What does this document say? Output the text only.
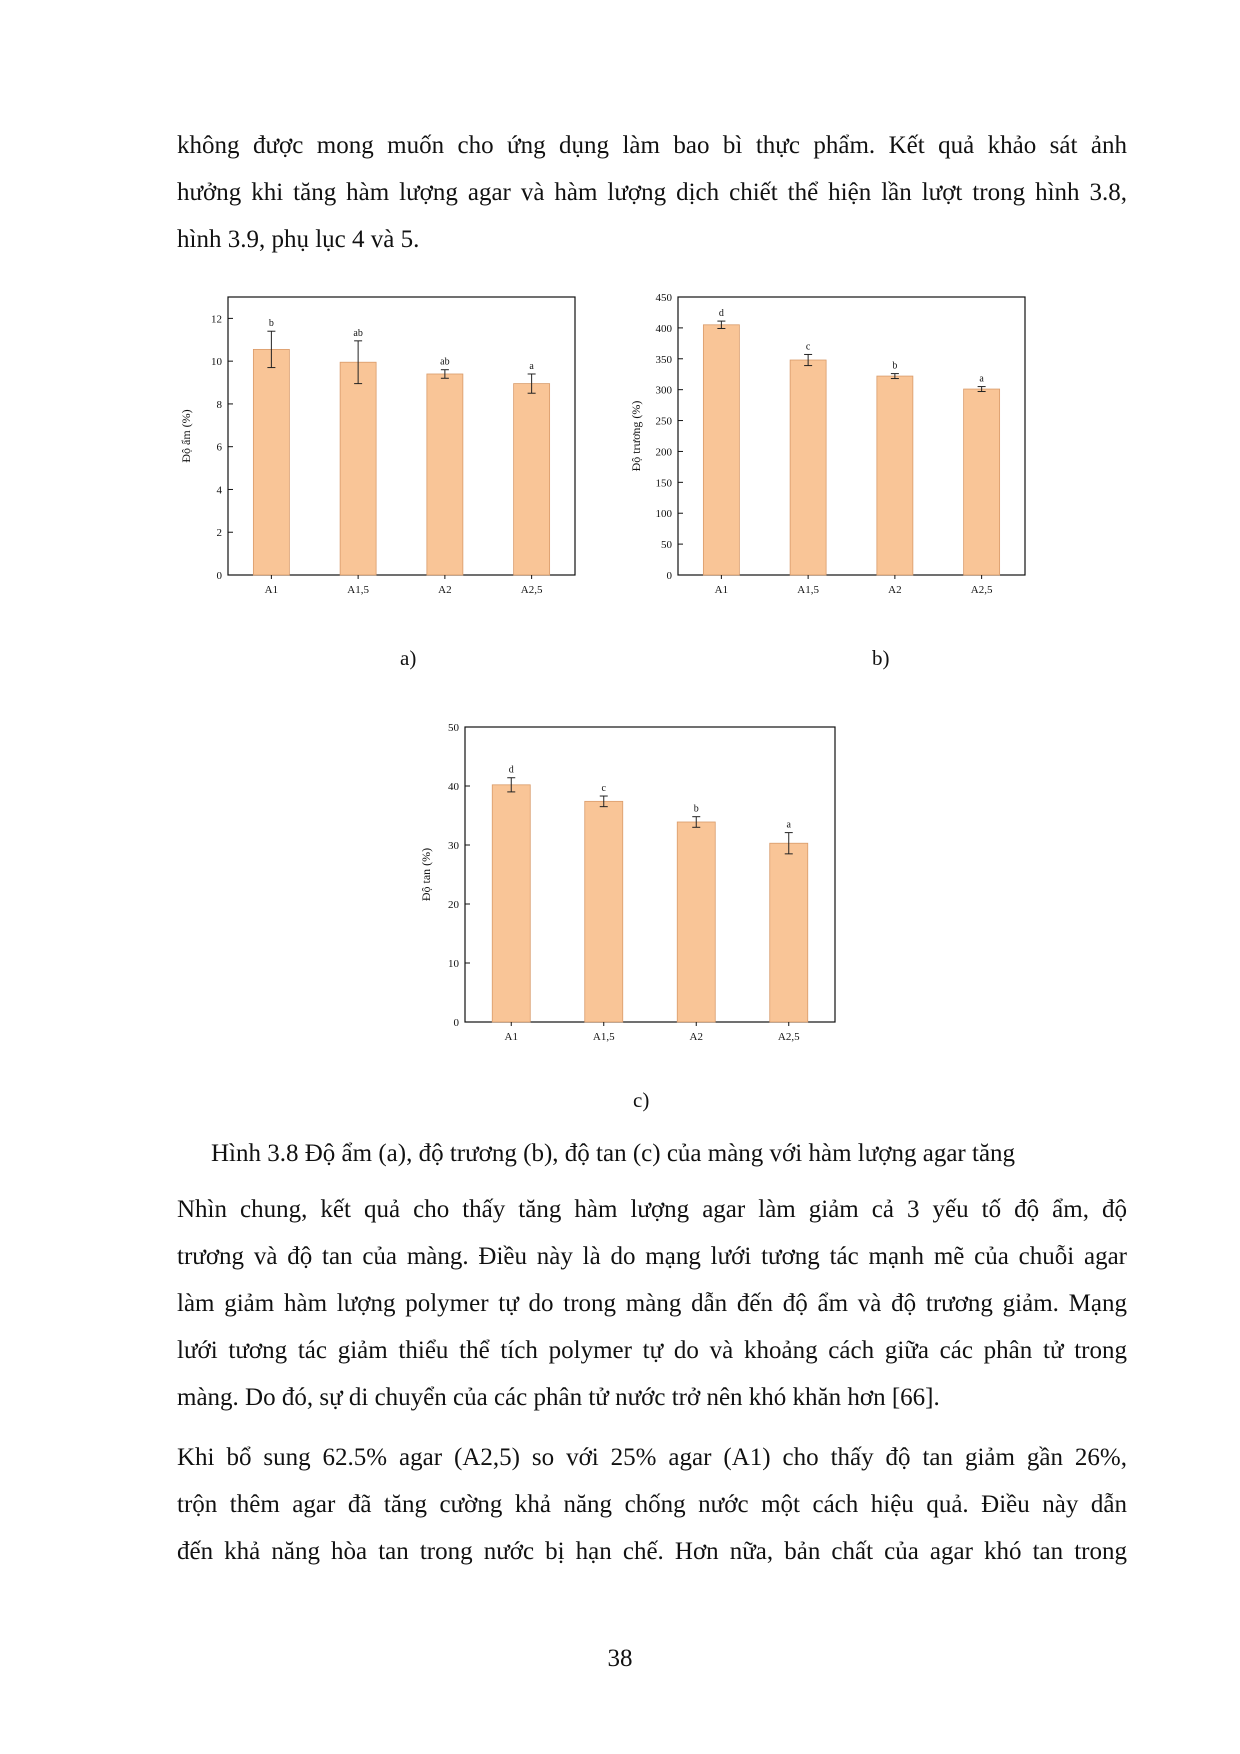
không được mong muốn cho ứng dụng làm bao bì thực phẩm. Kết quả khảo sát ảnh
hưởng khi tăng hàm lượng agar và hàm lượng dịch chiết thể hiện lần lượt trong hình 3.8,
hình 3.9, phụ lục 4 và 5.
0
2
4
6
8
10
12
Độ ẩm (%)
b
A1
ab
A1,5
ab
A2
a
A2,5
a)
0
50
100
150
200
250
300
350
400
450
Độ trương (%)
d
A1
c
A1,5
b
A2
a
A2,5
b)
0
10
20
30
40
50
Độ tan (%)
d
A1
c
A1,5
b
A2
a
A2,5
c)
Hình 3.8 Độ ẩm (a), độ trương (b), độ tan (c) của màng với hàm lượng agar tăng
Nhìn chung, kết quả cho thấy tăng hàm lượng agar làm giảm cả 3 yếu tố độ ẩm, độ
trương và độ tan của màng. Điều này là do mạng lưới tương tác mạnh mẽ của chuỗi agar
làm giảm hàm lượng polymer tự do trong màng dẫn đến độ ẩm và độ trương giảm. Mạng
lưới tương tác giảm thiểu thể tích polymer tự do và khoảng cách giữa các phân tử trong
màng. Do đó, sự di chuyển của các phân tử nước trở nên khó khăn hơn [66].
Khi bổ sung 62.5% agar (A2,5) so với 25% agar (A1) cho thấy độ tan giảm gần 26%,
trộn thêm agar đã tăng cường khả năng chống nước một cách hiệu quả. Điều này dẫn
đến khả năng hòa tan trong nước bị hạn chế. Hơn nữa, bản chất của agar khó tan trong
38
